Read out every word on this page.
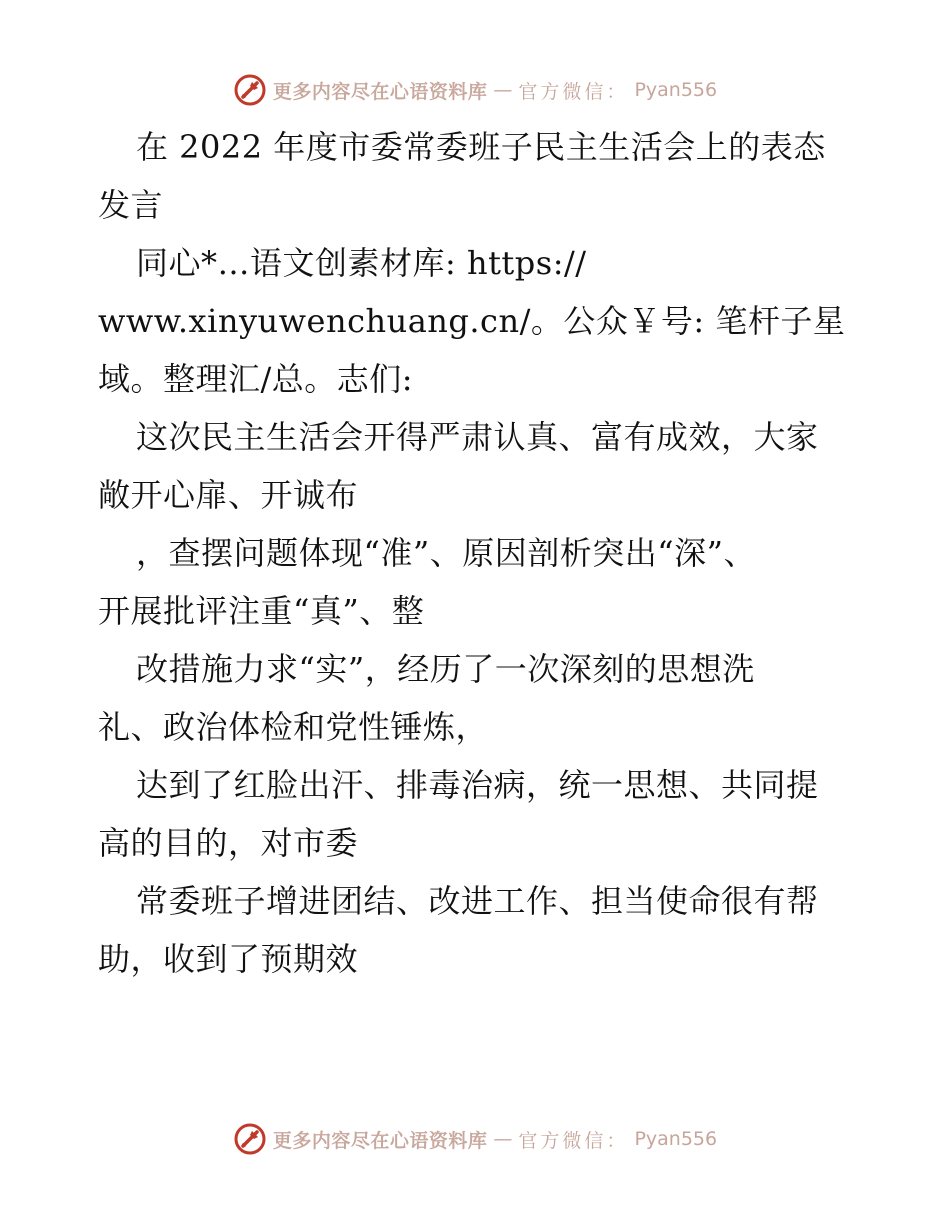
更多内容尽在心语资料库 — 官方微信： Pyan556
在 2022 年度市委常委班子民主生活会上的表态
发言
同心*…语文创素材库: https://
www.xinyuwenchuang.cn/。公众￥号: 笔杆子星
域。整理汇/总。志们:
这次民主生活会开得严肃认真、富有成效，大家
敞开心扉、开诚布
，查摆问题体现“准”、原因剖析突出“深”、
开展批评注重“真”、整
改措施力求“实”，经历了一次深刻的思想洗
礼、政治体检和党性锤炼，
达到了红脸出汗、排毒治病，统一思想、共同提
高的目的，对市委
常委班子增进团结、改进工作、担当使命很有帮
助，收到了预期效
更多内容尽在心语资料库 — 官方微信： Pyan556
